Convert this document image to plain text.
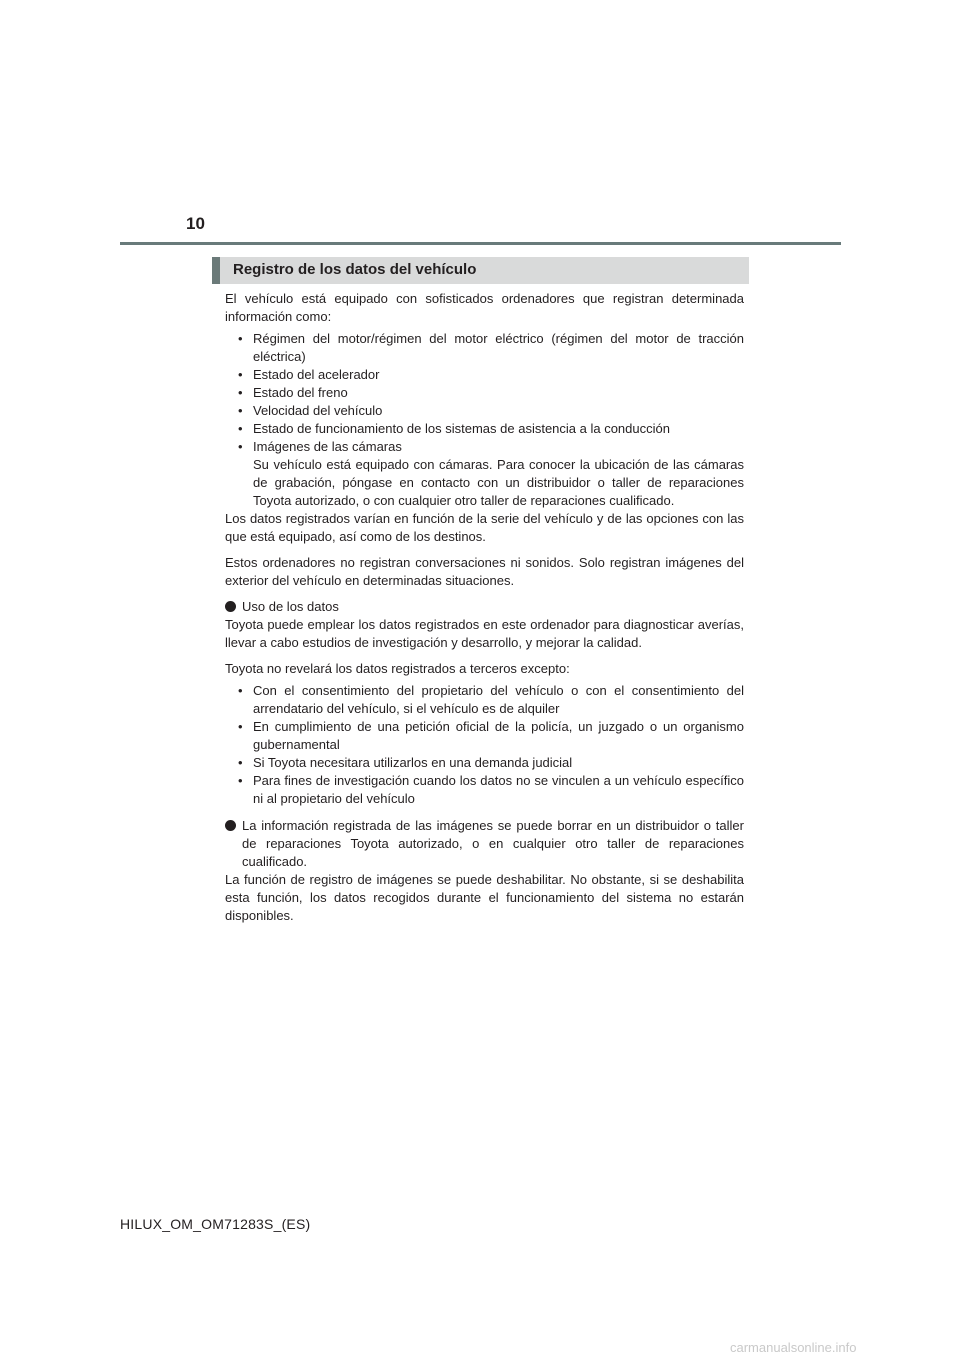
10
Registro de los datos del vehículo

El vehículo está equipado con sofisticados ordenadores que registran determinada información como:

• Régimen del motor/régimen del motor eléctrico (régimen del motor de tracción eléctrica)
• Estado del acelerador
• Estado del freno
• Velocidad del vehículo
• Estado de funcionamiento de los sistemas de asistencia a la conducción
• Imágenes de las cámaras
Su vehículo está equipado con cámaras. Para conocer la ubicación de las cámaras de grabación, póngase en contacto con un distribuidor o taller de reparaciones Toyota autorizado, o con cualquier otro taller de reparaciones cualificado.

Los datos registrados varían en función de la serie del vehículo y de las opciones con las que está equipado, así como de los destinos.

Estos ordenadores no registran conversaciones ni sonidos. Solo registran imágenes del exterior del vehículo en determinadas situaciones.

Uso de los datos

Toyota puede emplear los datos registrados en este ordenador para diagnosticar averías, llevar a cabo estudios de investigación y desarrollo, y mejorar la calidad.

Toyota no revelará los datos registrados a terceros excepto:

• Con el consentimiento del propietario del vehículo o con el consentimiento del arrendatario del vehículo, si el vehículo es de alquiler
• En cumplimiento de una petición oficial de la policía, un juzgado o un organismo gubernamental
• Si Toyota necesitara utilizarlos en una demanda judicial
• Para fines de investigación cuando los datos no se vinculen a un vehículo específico ni al propietario del vehículo
La información registrada de las imágenes se puede borrar en un distribuidor o taller de reparaciones Toyota autorizado, o en cualquier otro taller de reparaciones cualificado.

La función de registro de imágenes se puede deshabilitar. No obstante, si se deshabilita esta función, los datos recogidos durante el funcionamiento del sistema no estarán disponibles.

HILUX_OM_OM71283S_(ES)
carmanualsonline.info
